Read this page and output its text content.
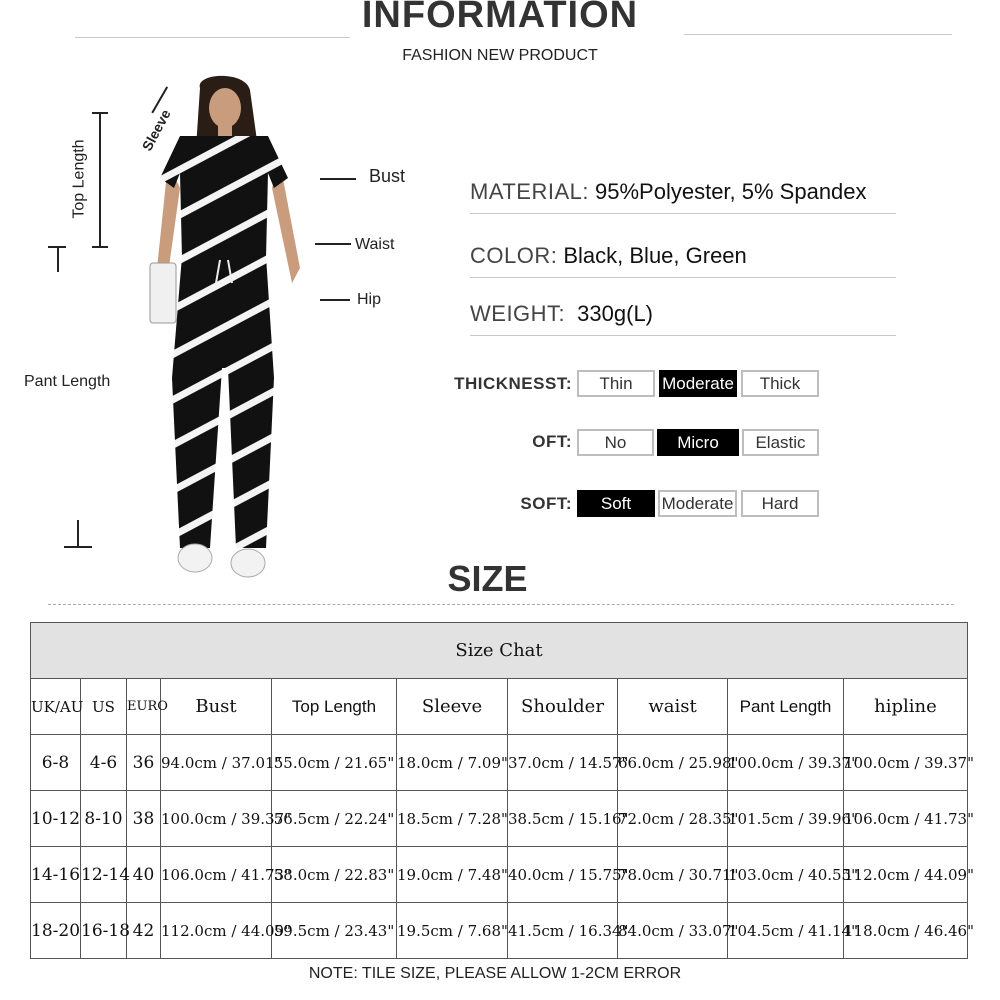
INFORMATION
FASHION NEW PRODUCT
Top Length
Sleeve
Bust
Waist
Hip
Pant Length
MATERIAL: 95%Polyester, 5% Spandex
COLOR: Black, Blue, Green
WEIGHT: 330g(L)
THICKNESST:	Thin	Moderate	Thick
OFT:	No	Micro	Elastic
SOFT:	Soft	Moderate	Hard
SIZE
Size Chat									
UK/AU	US	EURO	Bust	Top Length	Sleeve	Shoulder	waist	Pant Length	hipline
6-8	4-6	36	94.0cm / 37.01"	55.0cm / 21.65"	18.0cm / 7.09"	37.0cm / 14.57"	66.0cm / 25.98"	100.0cm / 39.37"	100.0cm / 39.37"
10-12	8-10	38	100.0cm / 39.37"	56.5cm / 22.24"	18.5cm / 7.28"	38.5cm / 15.16"	72.0cm / 28.35"	101.5cm / 39.96"	106.0cm / 41.73"
14-16	12-14	40	106.0cm / 41.73"	58.0cm / 22.83"	19.0cm / 7.48"	40.0cm / 15.75"	78.0cm / 30.71"	103.0cm / 40.55"	112.0cm / 44.09"
18-20	16-18	42	112.0cm / 44.09"	59.5cm / 23.43"	19.5cm / 7.68"	41.5cm / 16.34"	84.0cm / 33.07"	104.5cm / 41.14"	118.0cm / 46.46"
NOTE: TILE SIZE, PLEASE ALLOW 1-2CM ERROR
